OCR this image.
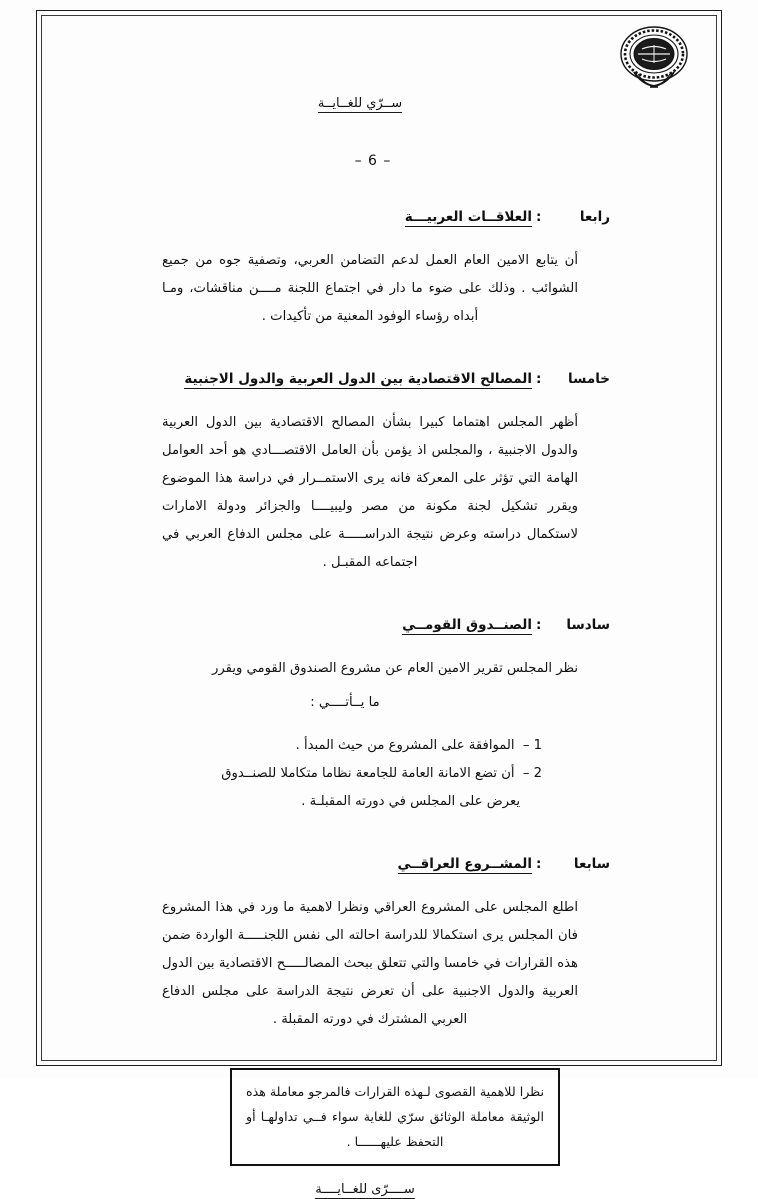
ســرّي للغــايــة
– 6 –
رابعا
:
العلاقــات العربيـــة
أن يتابع الامين العام العمل لدعم التضامن العربي، وتصفية جوه من جميع الشوائب . وذلك على ضوء ما دار في اجتماع اللجنة مــــن مناقشات، ومـا أبداه رؤساء الوفود المعنية من تأكيدات .
خامسا
:
المصالح الاقتصادية بين الدول العربية والدول الاجنبية
أظهر المجلس اهتماما كبيرا بشأن المصالح الاقتصادية بين الدول العربية والدول الاجنبية ، والمجلس اذ يؤمن بأن العامل الاقتصـــادي هو أحد العوامل الهامة التي تؤثر على المعركة فانه يرى الاستمــرار في دراسة هذا الموضوع ويقرر تشكيل لجنة مكونة من مصر وليبيــــا والجزائر ودولة الامارات لاستكمال دراسته وعرض نتيجة الدراســـــة على مجلس الدفاع العربي في اجتماعه المقبـل .
سادسا
:
الصنــدوق القومــي
نظر المجلس تقرير الامين العام عن مشروع الصندوق القومي ويقرر
ما يــأتــــي :
1 – الموافقة على المشروع من حيث المبدأ .
2 – أن تضع الامانة العامة للجامعة نظاما متكاملا للصنــدوق
يعرض على المجلس في دورته المقبلـة .
سابعا
:
المشــروع العراقــي
اطلع المجلس على المشروع العراقي ونظرا لاهمية ما ورد في هذا المشروع فان المجلس يرى استكمالا للدراسة احالته الى نفس اللجنـــــة الواردة ضمن هذه القرارات في خامسا والتي تتعلق ببحث المصالـــــح الاقتصادية بين الدول العربية والدول الاجنبية على أن تعرض نتيجة الدراسة على مجلس الدفاع العربي المشترك في دورته المقبلة .
نظرا للاهمية القصوى لـهذه القرارات فالمرجو معاملة هذه الوثيقة معاملة الوثائق سرّي للغاية سواء فــي تداولهـا أو التحفظ عليهــــــا .
ســــرّى للغــايــــة
